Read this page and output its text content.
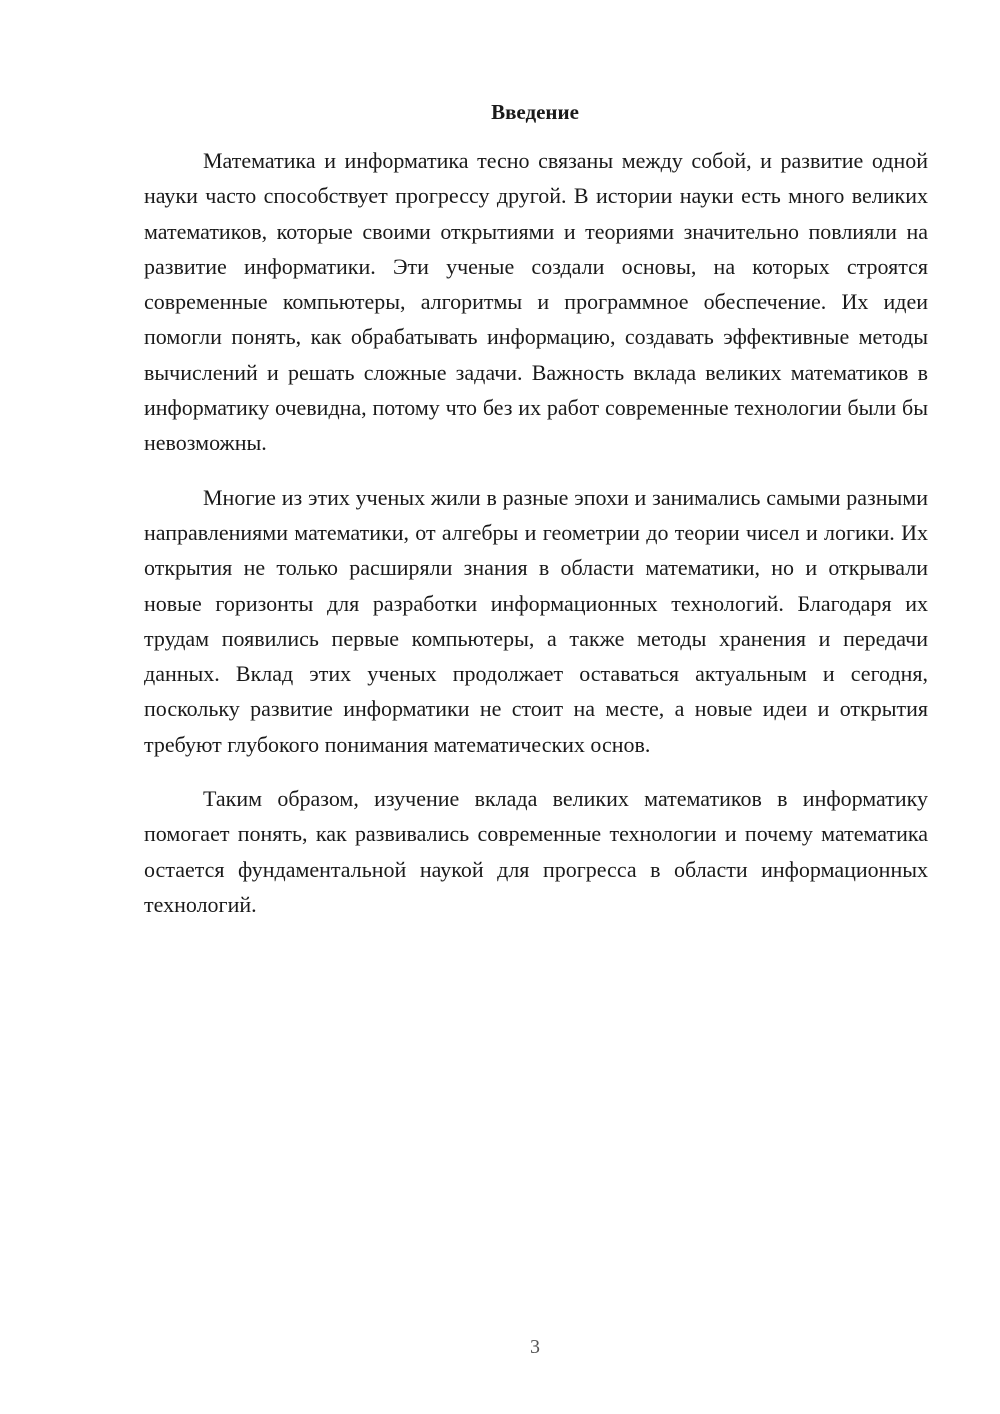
Введение

Математика и информатика тесно связаны между собой, и развитие одной науки часто способствует прогрессу другой. В истории науки есть много великих математиков, которые своими открытиями и теориями значительно повлияли на развитие информатики. Эти ученые создали основы, на которых строятся современные компьютеры, алгоритмы и программное обеспечение. Их идеи помогли понять, как обрабатывать информацию, создавать эффективные методы вычислений и решать сложные задачи. Важность вклада великих математиков в информатику очевидна, потому что без их работ современные технологии были бы невозможны.

Многие из этих ученых жили в разные эпохи и занимались самыми разными направлениями математики, от алгебры и геометрии до теории чисел и логики. Их открытия не только расширяли знания в области математики, но и открывали новые горизонты для разработки информационных технологий. Благодаря их трудам появились первые компьютеры, а также методы хранения и передачи данных. Вклад этих ученых продолжает оставаться актуальным и сегодня, поскольку развитие информатики не стоит на месте, а новые идеи и открытия требуют глубокого понимания математических основ.

Таким образом, изучение вклада великих математиков в информатику помогает понять, как развивались современные технологии и почему математика остается фундаментальной наукой для прогресса в области информационных технологий.

3
